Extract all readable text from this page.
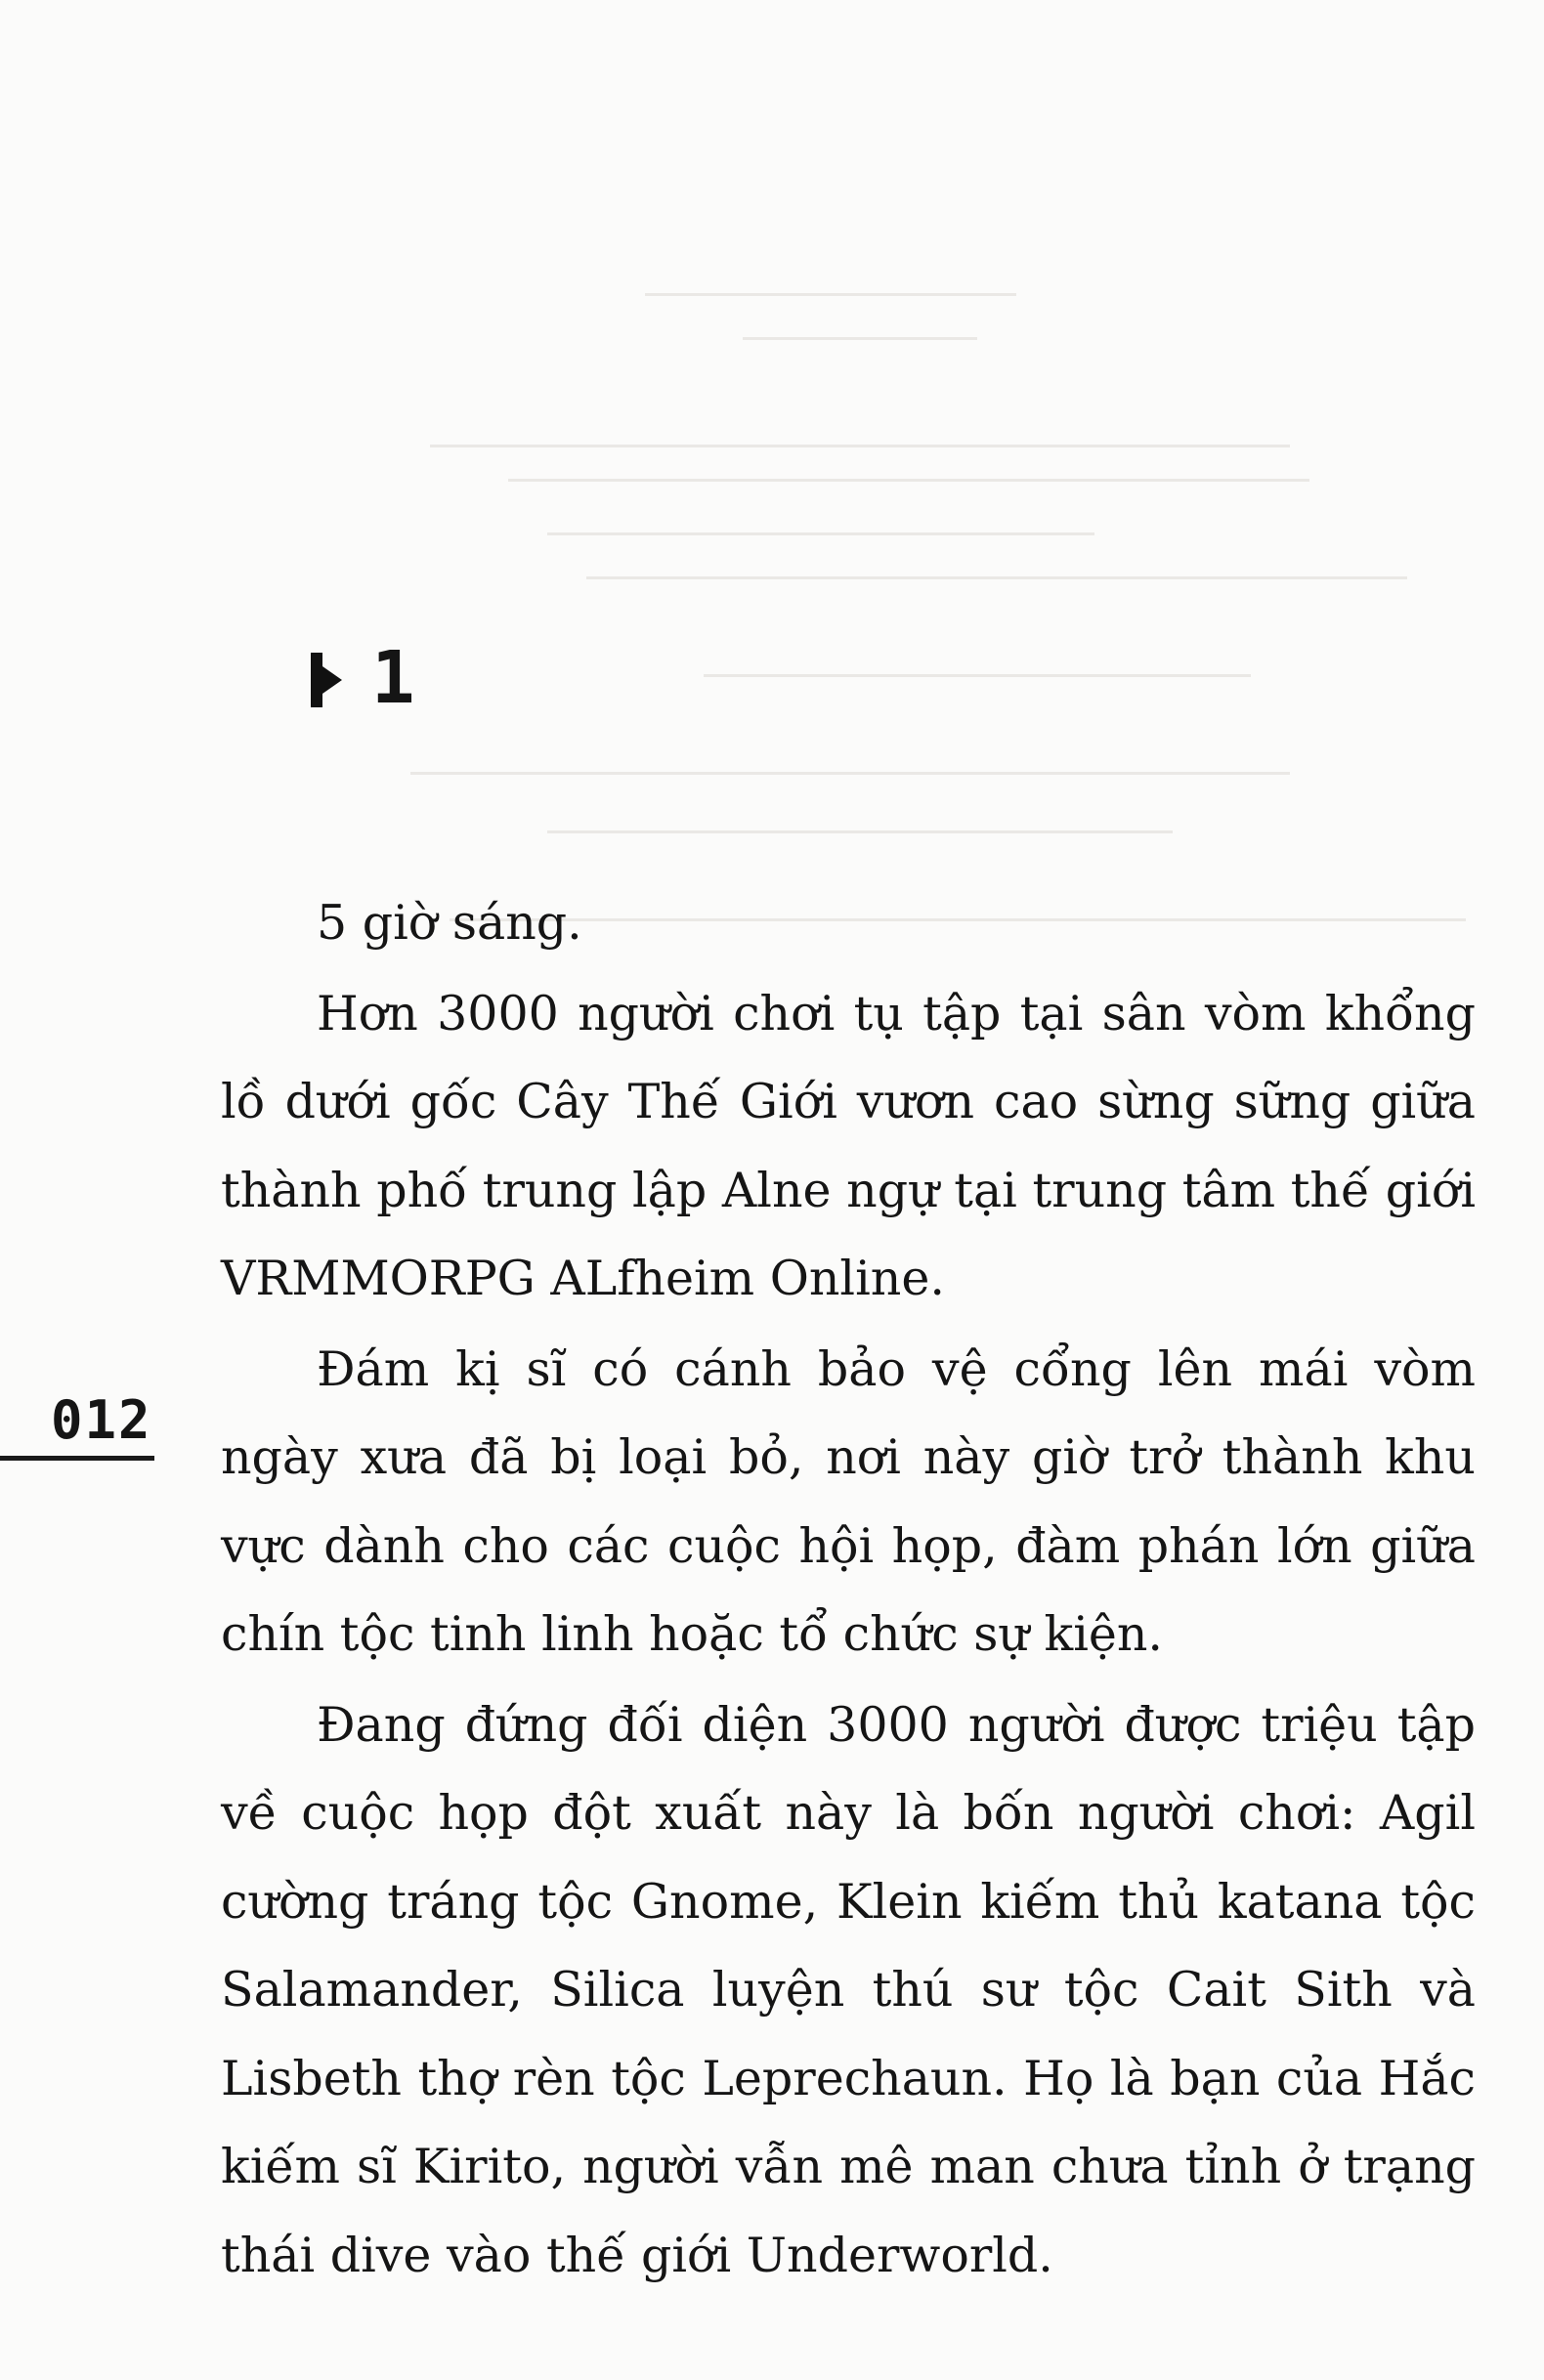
1
012

5 giờ sáng.

Hơn 3000 người chơi tụ tập tại sân vòm khổng lồ dưới gốc Cây Thế Giới vươn cao sừng sững giữa thành phố trung lập Alne ngự tại trung tâm thế giới VRMMORPG ALfheim Online.

Đám kị sĩ có cánh bảo vệ cổng lên mái vòm ngày xưa đã bị loại bỏ, nơi này giờ trở thành khu vực dành cho các cuộc hội họp, đàm phán lớn giữa chín tộc tinh linh hoặc tổ chức sự kiện.

Đang đứng đối diện 3000 người được triệu tập về cuộc họp đột xuất này là bốn người chơi: Agil cường tráng tộc Gnome, Klein kiếm thủ katana tộc Salamander, Silica luyện thú sư tộc Cait Sith và Lisbeth thợ rèn tộc Leprechaun. Họ là bạn của Hắc kiếm sĩ Kirito, người vẫn mê man chưa tỉnh ở trạng thái dive vào thế giới Underworld.
